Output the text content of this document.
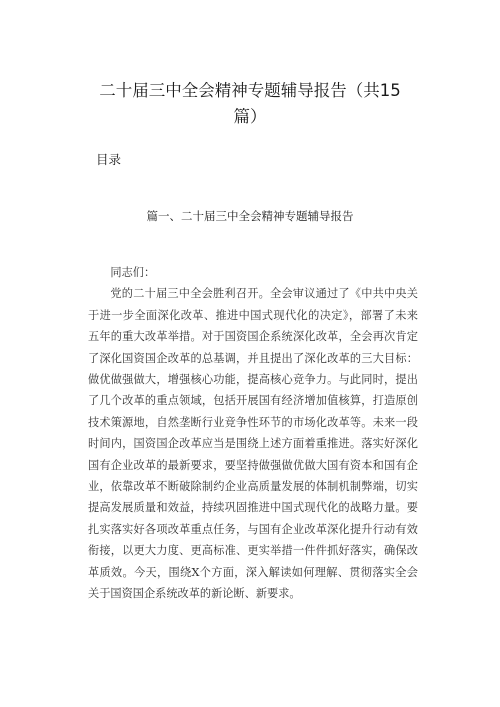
二十届三中全会精神专题辅导报告（共15
篇）
目录
篇一、二十届三中全会精神专题辅导报告

同志们：

党的二十届三中全会胜利召开。全会审议通过了《中共中央关于进一步全面深化改革、推进中国式现代化的决定》，部署了未来五年的重大改革举措。对于国资国企系统深化改革，全会再次肯定了深化国资国企改革的总基调，并且提出了深化改革的三大目标：做优做强做大，增强核心功能，提高核心竞争力。与此同时，提出了几个改革的重点领域，包括开展国有经济增加值核算，打造原创技术策源地，自然垄断行业竞争性环节的市场化改革等。未来一段时间内，国资国企改革应当是围绕上述方面着重推进。落实好深化国有企业改革的最新要求，要坚持做强做优做大国有资本和国有企业，依靠改革不断破除制约企业高质量发展的体制机制弊端，切实提高发展质量和效益，持续巩固推进中国式现代化的战略力量。要扎实落实好各项改革重点任务，与国有企业改革深化提升行动有效衔接，以更大力度、更高标准、更实举措一件件抓好落实，确保改革质效。今天，围绕X个方面，深入解读如何理解、贯彻落实全会关于国资国企系统改革的新论断、新要求。
